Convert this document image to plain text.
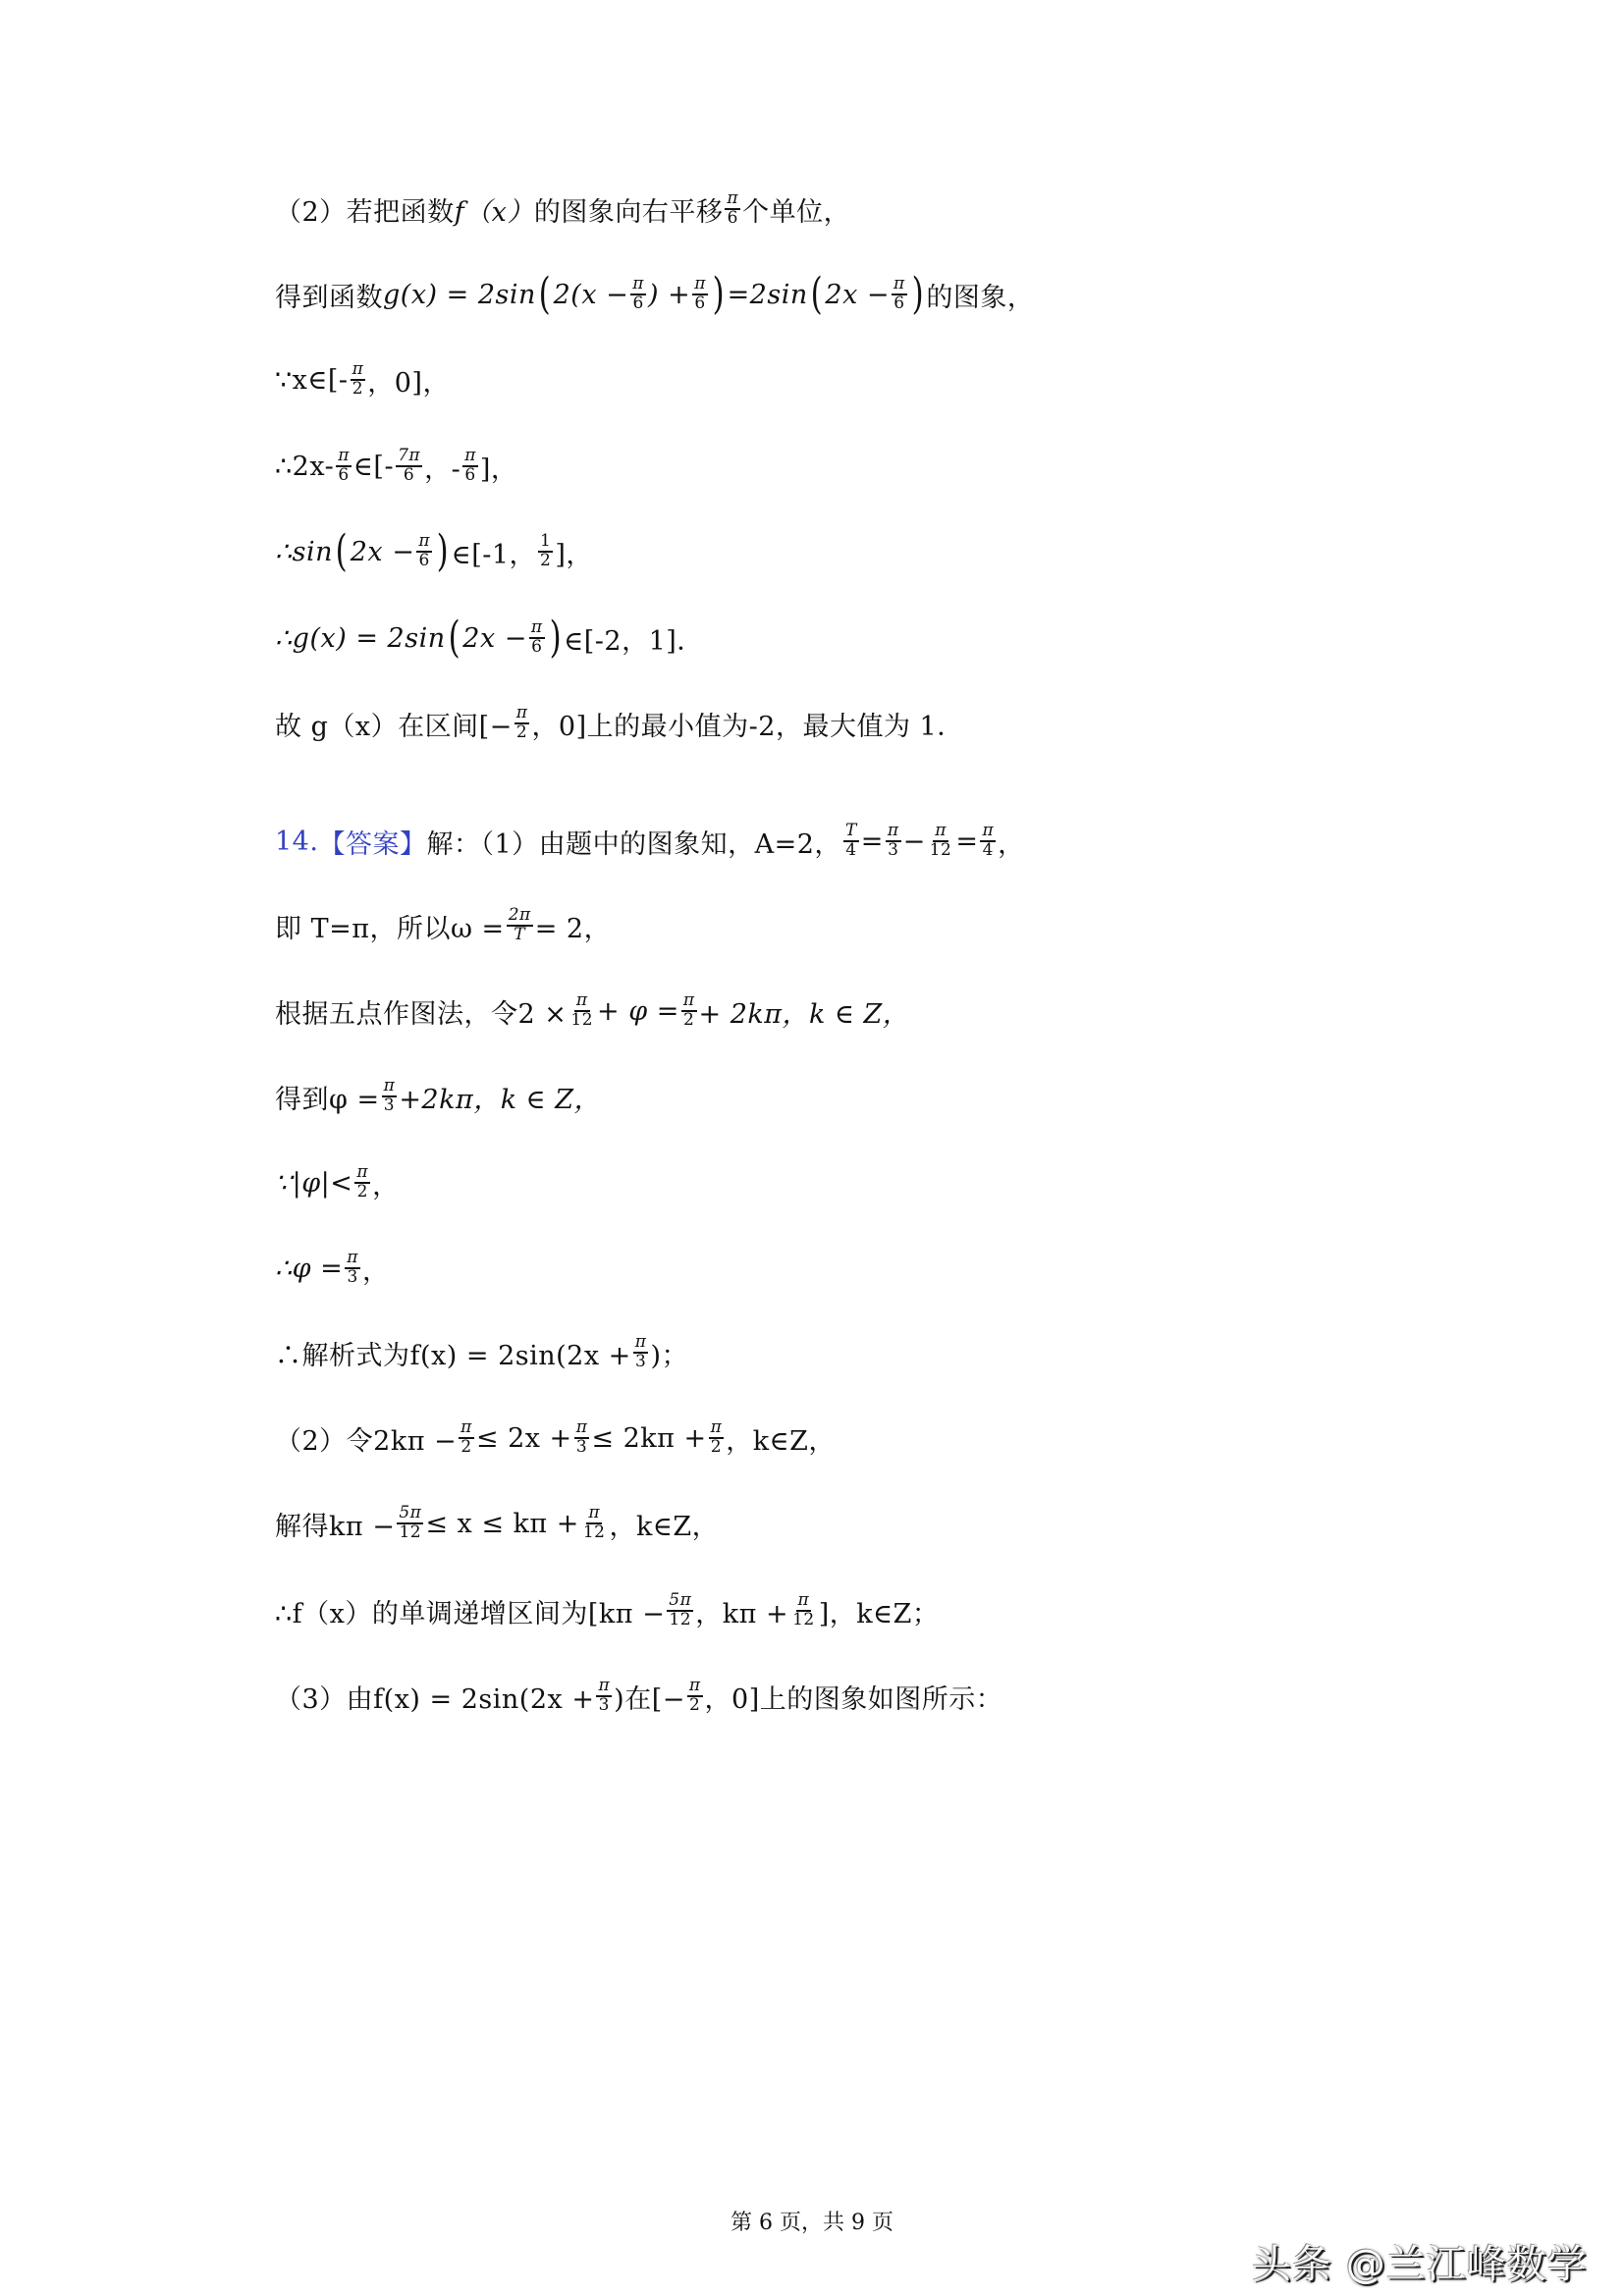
（2）若把函数 f（x） 的图象向右平移 $\frac{\pi}{6}$ 个单位，
得到函数 g(x) = 2sin ( $2(x - \frac{\pi}{6}$ ) + $\frac{\pi}{6}$ ) =2sin ( $2x - \frac{\pi}{6}$ ) 的图象，
∵x∈[- $\frac{\pi}{2}$ ，0]，
∴2x- $\frac{\pi}{6}$ ∈[- $\frac{7\pi}{6}$ ，- $\frac{\pi}{6}$ ]，
∴sin ( $2x - \frac{\pi}{6}$ ) ∈[-1， $\frac{1}{2}$ ]，
∴g(x) = 2sin ( $2x - \frac{\pi}{6}$ ) ∈[-2，1]．
故 g（x）在区间[− $\frac{\pi}{2}$ ，0]上的最小值为-2，最大值为 1．
14. 【答案】 解：（1）由题中的图象知，A=2， $\frac{T}{4} = \frac{\pi}{3} - \frac{\pi}{12} = \frac{\pi}{4}$ ，
即 T=π，所以$\omega = \frac{2\pi}{T} = 2$，
根据五点作图法，令$2 \times \frac{\pi}{12} + \varphi = \frac{\pi}{2} + 2k\pi$，k ∈ Z，
得到$\varphi = \frac{\pi}{3} +2k\pi$，k ∈ Z，
∵|φ|< $\frac{\pi}{2}$ ，
∴φ = $\frac{\pi}{3}$ ，
∴解析式为$f(x) = 2\sin(2x + \frac{\pi}{3}$ )；
（2）令$2k\pi - \frac{\pi}{2} \le 2x + \frac{\pi}{3} \le 2k\pi + \frac{\pi}{2}$ ，k∈Z，
解得$k\pi - \frac{5\pi}{12} \le x \le k\pi + \frac{\pi}{12}$ ，k∈Z，
∴f（x）的单调递增区间为[$k\pi - \frac{5\pi}{12}$ ，$k\pi + \frac{\pi}{12}$ ]，k∈Z；
（3）由$f(x) = 2\sin(2x + \frac{\pi}{3}$ )在[− $\frac{\pi}{2}$ ，0]上的图象如图所示：
第 6 页，共 9 页
头条 @兰江峰数学
